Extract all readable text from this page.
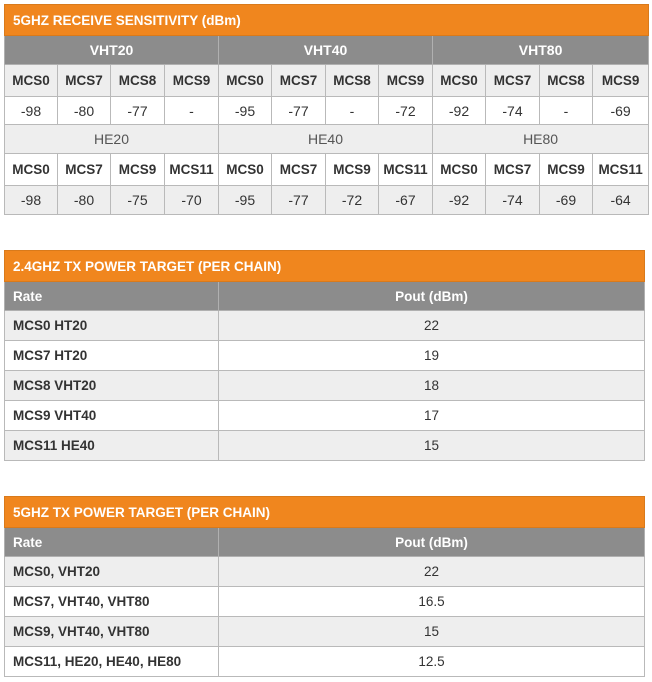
5GHZ RECEIVE SENSITIVITY (dBm)											
VHT20				VHT40				VHT80			
MCS0	MCS7	MCS8	MCS9	MCS0	MCS7	MCS8	MCS9	MCS0	MCS7	MCS8	MCS9
-98	-80	-77	-	-95	-77	-	-72	-92	-74	-	-69
HE20				HE40				HE80			
MCS0	MCS7	MCS9	MCS11	MCS0	MCS7	MCS9	MCS11	MCS0	MCS7	MCS9	MCS11
-98	-80	-75	-70	-95	-77	-72	-67	-92	-74	-69	-64
2.4GHZ TX POWER TARGET (PER CHAIN)	
Rate	Pout (dBm)
MCS0 HT20	22
MCS7 HT20	19
MCS8 VHT20	18
MCS9 VHT40	17
MCS11 HE40	15
5GHZ TX POWER TARGET (PER CHAIN)	
Rate	Pout (dBm)
MCS0, VHT20	22
MCS7, VHT40, VHT80	16.5
MCS9, VHT40, VHT80	15
MCS11, HE20, HE40, HE80	12.5
